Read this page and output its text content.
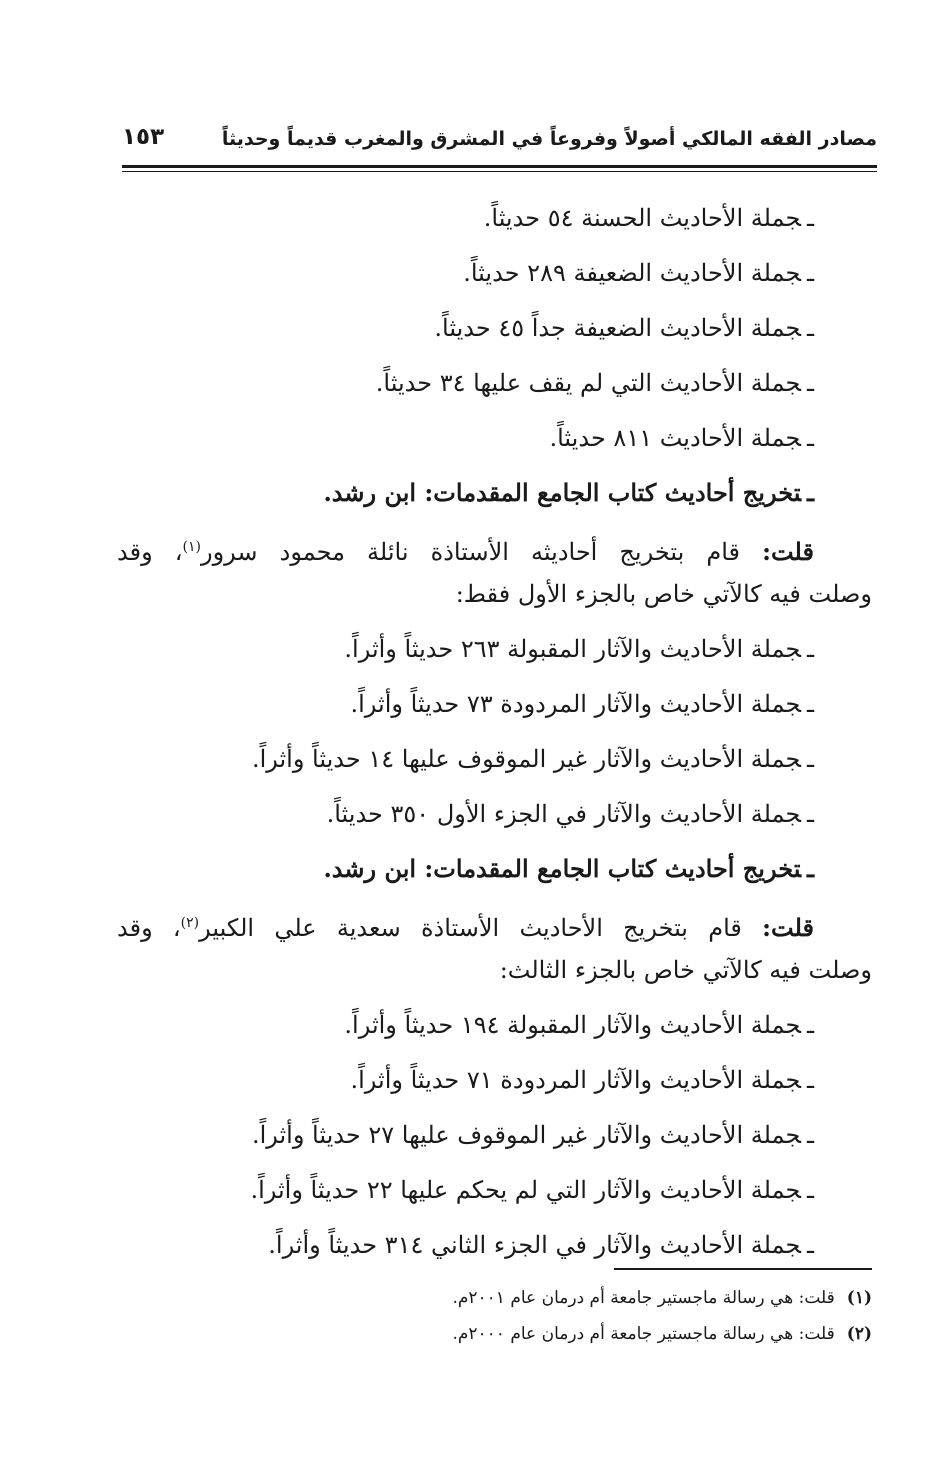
مصادر الفقه المالكي أصولاً وفروعاً في المشرق والمغرب قديماً وحديثاً
١٥٣
ـجملة الأحاديث الحسنة ٥٤ حديثاً.
ـجملة الأحاديث الضعيفة ٢٨٩ حديثاً.
ـجملة الأحاديث الضعيفة جداً ٤٥ حديثاً.
ـجملة الأحاديث التي لم يقف عليها ٣٤ حديثاً.
ـجملة الأحاديث ٨١١ حديثاً.
ـتخريج أحاديث كتاب الجامع المقدمات: ابن رشد.

قلت: قام بتخريج أحاديثه الأستاذة نائلة محمود سرور$^{(١)}$، وقد
وصلت فيه كالآتي خاص بالجزء الأول فقط:

ـجملة الأحاديث والآثار المقبولة ٢٦٣ حديثاً وأثراً.
ـجملة الأحاديث والآثار المردودة ٧٣ حديثاً وأثراً.
ـجملة الأحاديث والآثار غير الموقوف عليها ١٤ حديثاً وأثراً.
ـجملة الأحاديث والآثار في الجزء الأول ٣٥٠ حديثاً.
ـتخريج أحاديث كتاب الجامع المقدمات: ابن رشد.

قلت: قام بتخريج الأحاديث الأستاذة سعدية علي الكبير$^{(٢)}$، وقد
وصلت فيه كالآتي خاص بالجزء الثالث:

ـجملة الأحاديث والآثار المقبولة ١٩٤ حديثاً وأثراً.
ـجملة الأحاديث والآثار المردودة ٧١ حديثاً وأثراً.
ـجملة الأحاديث والآثار غير الموقوف عليها ٢٧ حديثاً وأثراً.
ـجملة الأحاديث والآثار التي لم يحكم عليها ٢٢ حديثاً وأثراً.
ـجملة الأحاديث والآثار في الجزء الثاني ٣١٤ حديثاً وأثراً.
(١)قلت: هي رسالة ماجستير جامعة أم درمان عام ٢٠٠١م.
(٢)قلت: هي رسالة ماجستير جامعة أم درمان عام ٢٠٠٠م.
